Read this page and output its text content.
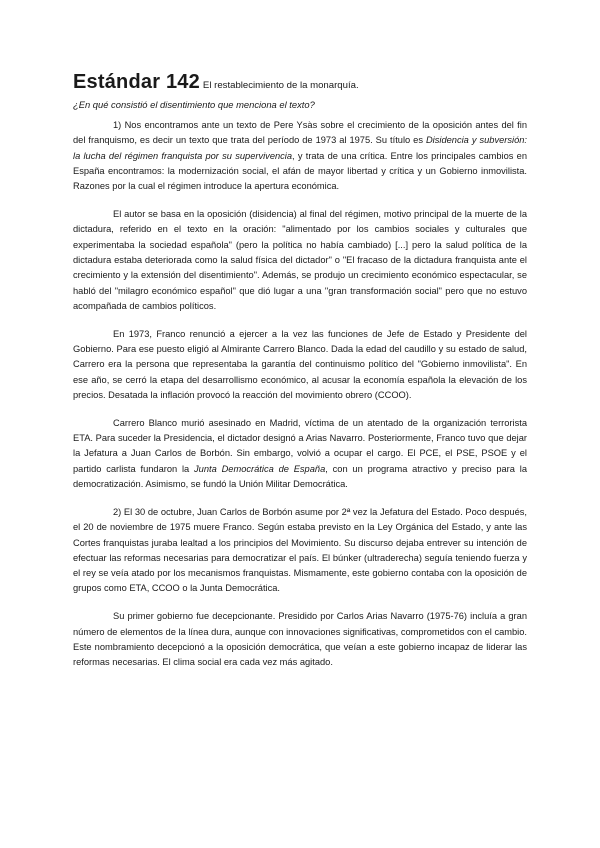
Estándar 142 El restablecimiento de la monarquía.
¿En qué consistió el disentimiento que menciona el texto?

1) Nos encontramos ante un texto de Pere Ysàs sobre el crecimiento de la oposición antes del fin del franquismo, es decir un texto que trata del período de 1973 al 1975. Su título es Disidencia y subversión: la lucha del régimen franquista por su supervivencia, y trata de una crítica. Entre los principales cambios en España encontramos: la modernización social, el afán de mayor libertad y crítica y un Gobierno inmovilista. Razones por la cual el régimen introduce la apertura económica.

El autor se basa en la oposición (disidencia) al final del régimen, motivo principal de la muerte de la dictadura, referido en el texto en la oración: "alimentado por los cambios sociales y culturales que experimentaba la sociedad española" (pero la política no había cambiado) [...] pero la salud política de la dictadura estaba deteriorada como la salud física del dictador" o "El fracaso de la dictadura franquista ante el crecimiento y la extensión del disentimiento". Además, se produjo un crecimiento económico espectacular, se habló del "milagro económico español" que dió lugar a una "gran transformación social" pero que no estuvo acompañada de cambios políticos.

En 1973, Franco renunció a ejercer a la vez las funciones de Jefe de Estado y Presidente del Gobierno. Para ese puesto eligió al Almirante Carrero Blanco. Dada la edad del caudillo y su estado de salud, Carrero era la persona que representaba la garantía del continuismo político del "Gobierno inmovilista". En ese año, se cerró la etapa del desarrollismo económico, al acusar la economía española la elevación de los precios. Desatada la inflación provocó la reacción del movimiento obrero (CCOO).

Carrero Blanco murió asesinado en Madrid, víctima de un atentado de la organización terrorista ETA. Para suceder la Presidencia, el dictador designó a Arias Navarro. Posteriormente, Franco tuvo que dejar la Jefatura a Juan Carlos de Borbón. Sin embargo, volvió a ocupar el cargo. El PCE, el PSE, PSOE y el partido carlista fundaron la Junta Democrática de España, con un programa atractivo y preciso para la democratización. Asimismo, se fundó la Unión Militar Democrática.

2) El 30 de octubre, Juan Carlos de Borbón asume por 2ª vez la Jefatura del Estado. Poco después, el 20 de noviembre de 1975 muere Franco. Según estaba previsto en la Ley Orgánica del Estado, y ante las Cortes franquistas juraba lealtad a los principios del Movimiento. Su discurso dejaba entrever su intención de efectuar las reformas necesarias para democratizar el país. El búnker (ultraderecha) seguía teniendo fuerza y el rey se veía atado por los mecanismos franquistas. Mismamente, este gobierno contaba con la oposición de grupos como ETA, CCOO o la Junta Democrática.

Su primer gobierno fue decepcionante. Presidido por Carlos Arias Navarro (1975-76) incluía a gran número de elementos de la línea dura, aunque con innovaciones significativas, comprometidos con el cambio. Este nombramiento decepcionó a la oposición democrática, que veían a este gobierno incapaz de liderar las reformas necesarias. El clima social era cada vez más agitado.
